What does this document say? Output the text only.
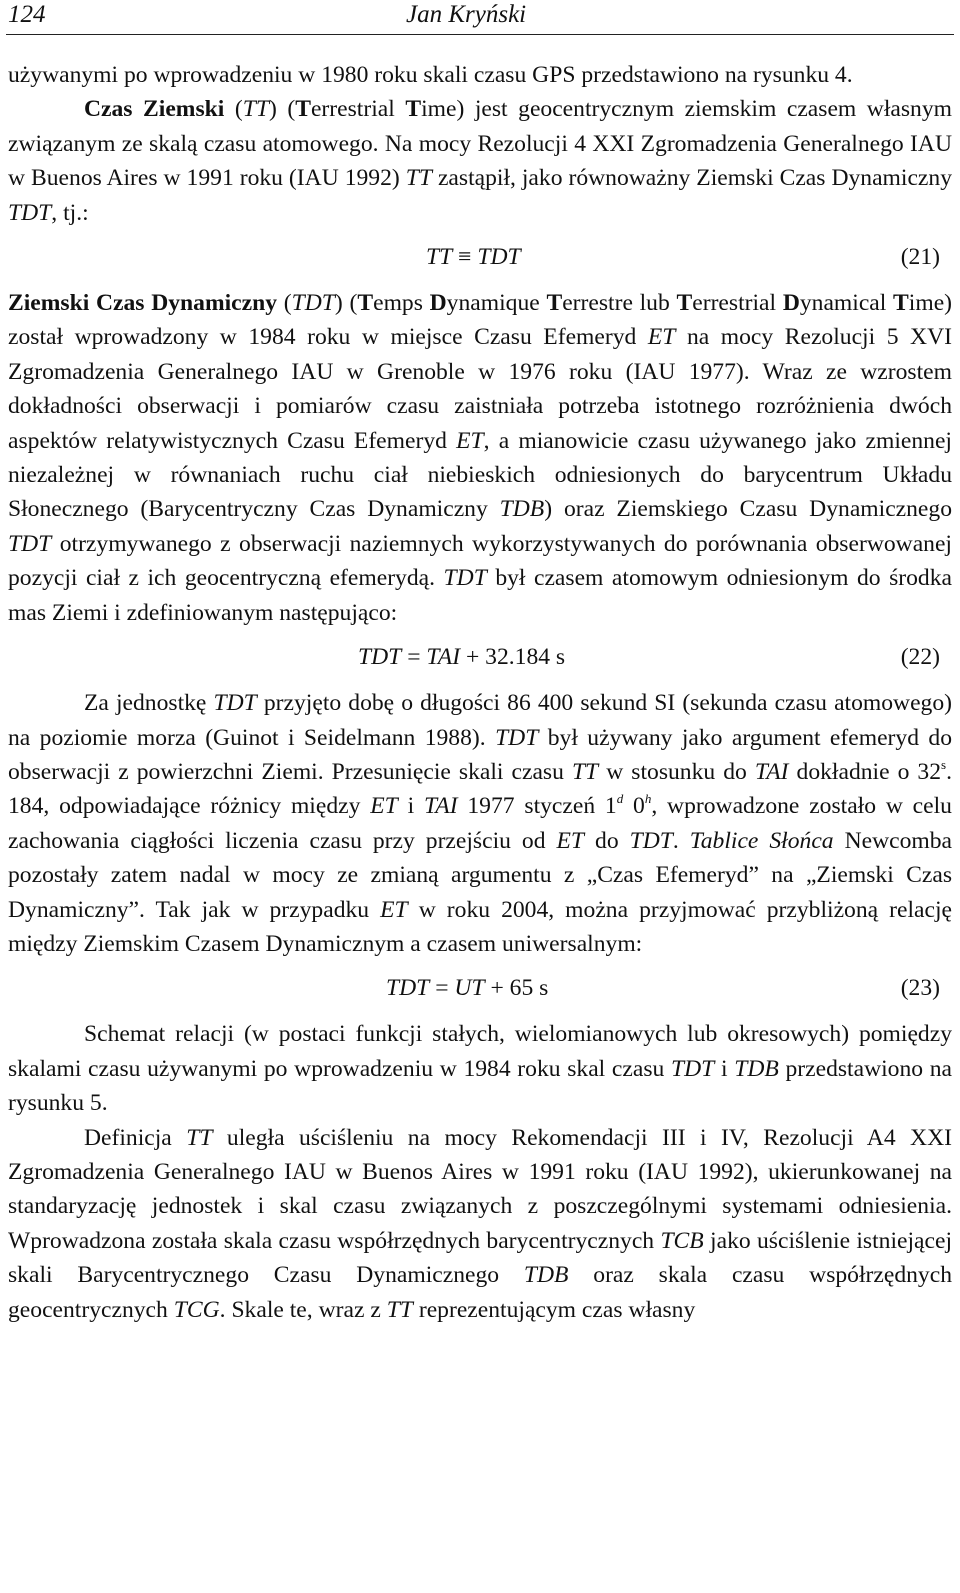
124	Jan Kryński

używanymi po wprowadzeniu w 1980 roku skali czasu GPS przedstawiono na rysunku 4.

Czas Ziemski (TT) (Terrestrial Time) jest geocentrycznym ziemskim czasem własnym związanym ze skalą czasu atomowego. Na mocy Rezolucji 4 XXI Zgromadzenia Generalnego IAU w Buenos Aires w 1991 roku (IAU 1992) TT zastąpił, jako równoważny Ziemski Czas Dynamiczny TDT, tj.:

TT ≡ TDT	(21)

Ziemski Czas Dynamiczny (TDT) (Temps Dynamique Terrestre lub Terrestrial Dynamical Time) został wprowadzony w 1984 roku w miejsce Czasu Efemeryd ET na mocy Rezolucji 5 XVI Zgromadzenia Generalnego IAU w Grenoble w 1976 roku (IAU 1977). Wraz ze wzrostem dokładności obserwacji i pomiarów czasu zaistniała potrzeba istotnego rozróżnienia dwóch aspektów relatywistycznych Czasu Efemeryd ET, a mianowicie czasu używanego jako zmiennej niezależnej w równaniach ruchu ciał niebieskich odniesionych do barycentrum Układu Słonecznego (Barycentryczny Czas Dynamiczny TDB) oraz Ziemskiego Czasu Dynamicznego TDT otrzymywanego z obserwacji naziemnych wykorzystywanych do porównania obserwowanej pozycji ciał z ich geocentryczną efemerydą. TDT był czasem atomowym odniesionym do środka mas Ziemi i zdefiniowanym następująco:

TDT = TAI + 32.184 s	(22)

Za jednostkę TDT przyjęto dobę o długości 86 400 sekund SI (sekunda czasu atomowego) na poziomie morza (Guinot i Seidelmann 1988). TDT był używany jako argument efemeryd do obserwacji z powierzchni Ziemi. Przesunięcie skali czasu TT w stosunku do TAI dokładnie o 32$^s$. 184, odpowiadające różnicy między ET i TAI 1977 styczeń 1$^d$ 0$^h$, wprowadzone zostało w celu zachowania ciągłości liczenia czasu przy przejściu od ET do TDT. Tablice Słońca Newcomba pozostały zatem nadal w mocy ze zmianą argumentu z „Czas Efemeryd” na „Ziemski Czas Dynamiczny”. Tak jak w przypadku ET w roku 2004, można przyjmować przybliżoną relację między Ziemskim Czasem Dynamicznym a czasem uniwersalnym:

TDT = UT + 65 s	(23)

Schemat relacji (w postaci funkcji stałych, wielomianowych lub okresowych) pomiędzy skalami czasu używanymi po wprowadzeniu w 1984 roku skal czasu TDT i TDB przedstawiono na rysunku 5.

Definicja TT uległa uściśleniu na mocy Rekomendacji III i IV, Rezolucji A4 XXI Zgromadzenia Generalnego IAU w Buenos Aires w 1991 roku (IAU 1992), ukierunkowanej na standaryzację jednostek i skal czasu związanych z poszczególnymi systemami odniesienia. Wprowadzona została skala czasu współrzędnych barycentrycznych TCB jako uściślenie istniejącej skali Barycentrycznego Czasu Dynamicznego TDB oraz skala czasu współrzędnych geocentrycznych TCG. Skale te, wraz z TT reprezentującym czas własny
